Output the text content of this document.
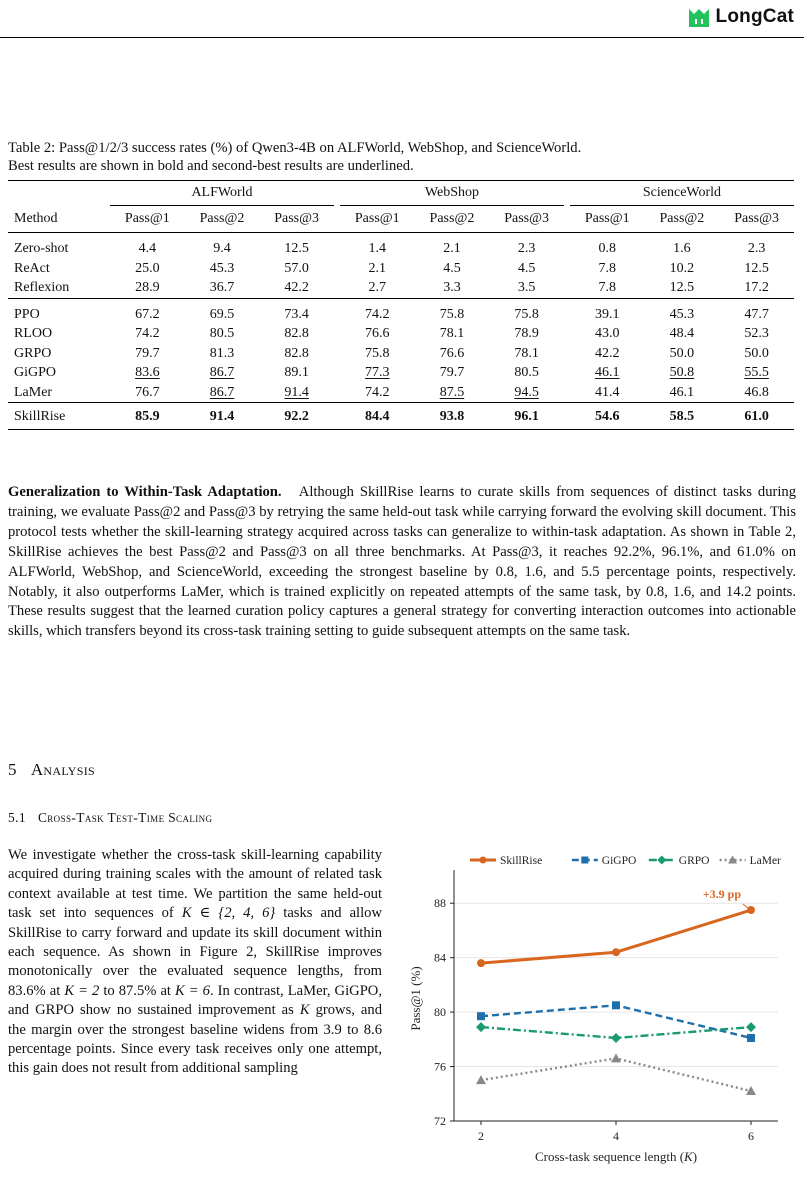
LongCat
Table 2: Pass@1/2/3 success rates (%) of Qwen3-4B on ALFWorld, WebShop, and ScienceWorld.
Best results are shown in bold and second-best results are underlined.
		ALFWorld				WebShop				ScienceWorld		
Method		Pass@1	Pass@2	Pass@3		Pass@1	Pass@2	Pass@3		Pass@1	Pass@2	Pass@3
Zero-shot		4.4	9.4	12.5		1.4	2.1	2.3		0.8	1.6	2.3
ReAct		25.0	45.3	57.0		2.1	4.5	4.5		7.8	10.2	12.5
Reflexion		28.9	36.7	42.2		2.7	3.3	3.5		7.8	12.5	17.2
PPO		67.2	69.5	73.4		74.2	75.8	75.8		39.1	45.3	47.7
RLOO		74.2	80.5	82.8		76.6	78.1	78.9		43.0	48.4	52.3
GRPO		79.7	81.3	82.8		75.8	76.6	78.1		42.2	50.0	50.0
GiGPO		83.6	86.7	89.1		77.3	79.7	80.5		46.1	50.8	55.5
LaMer		76.7	86.7	91.4		74.2	87.5	94.5		41.4	46.1	46.8
SkillRise		85.9	91.4	92.2		84.4	93.8	96.1		54.6	58.5	61.0
Generalization to Within-Task Adaptation. Although SkillRise learns to curate skills from sequences of distinct tasks during training, we evaluate Pass@2 and Pass@3 by retrying the same held-out task while carrying forward the evolving skill document. This protocol tests whether the skill-learning strategy acquired across tasks can generalize to within-task adaptation. As shown in Table 2, SkillRise achieves the best Pass@2 and Pass@3 on all three benchmarks. At Pass@3, it reaches 92.2%, 96.1%, and 61.0% on ALFWorld, WebShop, and ScienceWorld, exceeding the strongest baseline by 0.8, 1.6, and 5.5 percentage points, respectively. Notably, it also outperforms LaMer, which is trained explicitly on repeated attempts of the same task, by 0.8, 1.6, and 14.2 points. These results suggest that the learned curation policy captures a general strategy for converting interaction outcomes into actionable skills, which transfers beyond its cross-task training setting to guide subsequent attempts on the same task.
5 Analysis
5.1 Cross-Task Test-Time Scaling
We investigate whether the cross-task skill-learning capability acquired during training scales with the amount of related task context available at test time. We partition the same held-out task set into sequences of K ∈ {2, 4, 6} tasks and allow SkillRise to carry forward and update its skill document within each sequence. As shown in Figure 2, SkillRise improves monotonically over the evaluated sequence lengths, from 83.6% at K = 2 to 87.5% at K = 6. In contrast, LaMer, GiGPO, and GRPO show no sustained improvement as K grows, and the margin over the strongest baseline widens from 3.9 to 8.6 percentage points. Since every task receives only one attempt, this gain does not result from additional sampling
72
76
80
84
88
2	4	6
Cross-task sequence length (K)
Pass@1 (%)
+3.9 pp
SkillRise	GiGPO	GRPO	LaMer
